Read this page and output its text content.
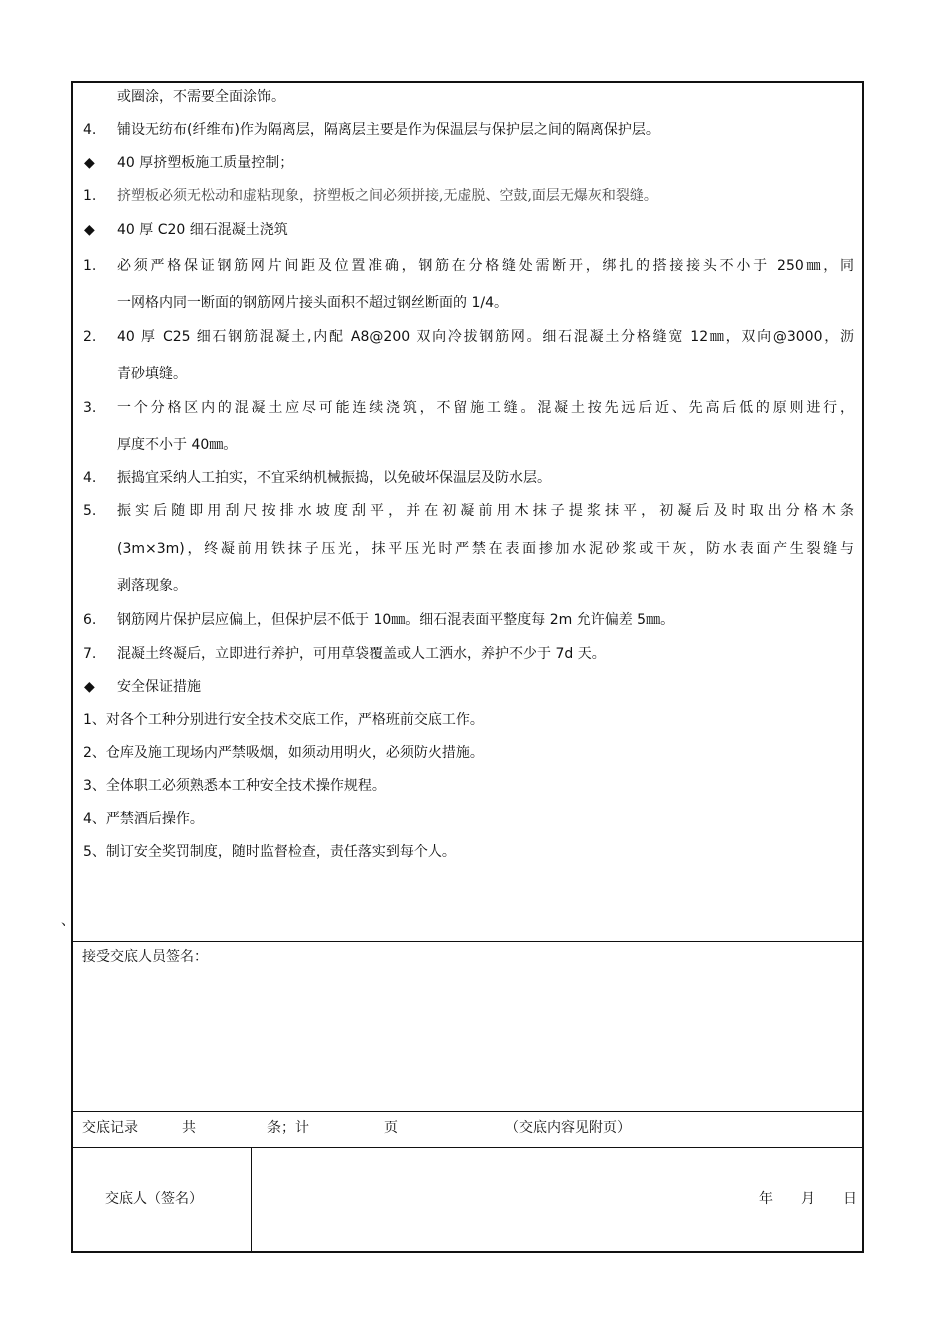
或圈涂，不需要全面涂饰。
4. 铺设无纺布(纤维布)作为隔离层，隔离层主要是作为保温层与保护层之间的隔离保护层。
◆ 40 厚挤塑板施工质量控制；
1. 挤塑板必须无松动和虚粘现象，挤塑板之间必须拼接,无虚脱、空鼓,面层无爆灰和裂缝。
◆ 40 厚 C20 细石混凝土浇筑
1. 必须严格保证钢筋网片间距及位置准确，钢筋在分格缝处需断开，绑扎的搭接接头不小于 250㎜，同
一网格内同一断面的钢筋网片接头面积不超过钢丝断面的 1/4。
2. 40 厚 C25 细石钢筋混凝土,内配 A8@200 双向冷拔钢筋网。细石混凝土分格缝宽 12㎜，双向@3000，沥
青砂填缝。
3. 一个分格区内的混凝土应尽可能连续浇筑，不留施工缝。混凝土按先远后近、先高后低的原则进行，
厚度不小于 40㎜。
4. 振捣宜采纳人工拍实，不宜采纳机械振捣，以免破坏保温层及防水层。
5. 振实后随即用刮尺按排水坡度刮平，并在初凝前用木抹子提浆抹平，初凝后及时取出分格木条
(3m×3m)，终凝前用铁抹子压光，抹平压光时严禁在表面掺加水泥砂浆或干灰，防水表面产生裂缝与
剥落现象。
6. 钢筋网片保护层应偏上，但保护层不低于 10㎜。细石混表面平整度每 2m 允许偏差 5㎜。
7. 混凝土终凝后，立即进行养护，可用草袋覆盖或人工洒水，养护不少于 7d 天。
◆ 安全保证措施
1、对各个工种分别进行安全技术交底工作，严格班前交底工作。
2、仓库及施工现场内严禁吸烟，如须动用明火，必须防火措施。
3、全体职工必须熟悉本工种安全技术操作规程。
4、严禁酒后操作。
5、制订安全奖罚制度，随时监督检查，责任落实到每个人。
接受交底人员签名：
交底记录	共	条；计	页	（交底内容见附页）
交底人（签名）	年 月 日
、
